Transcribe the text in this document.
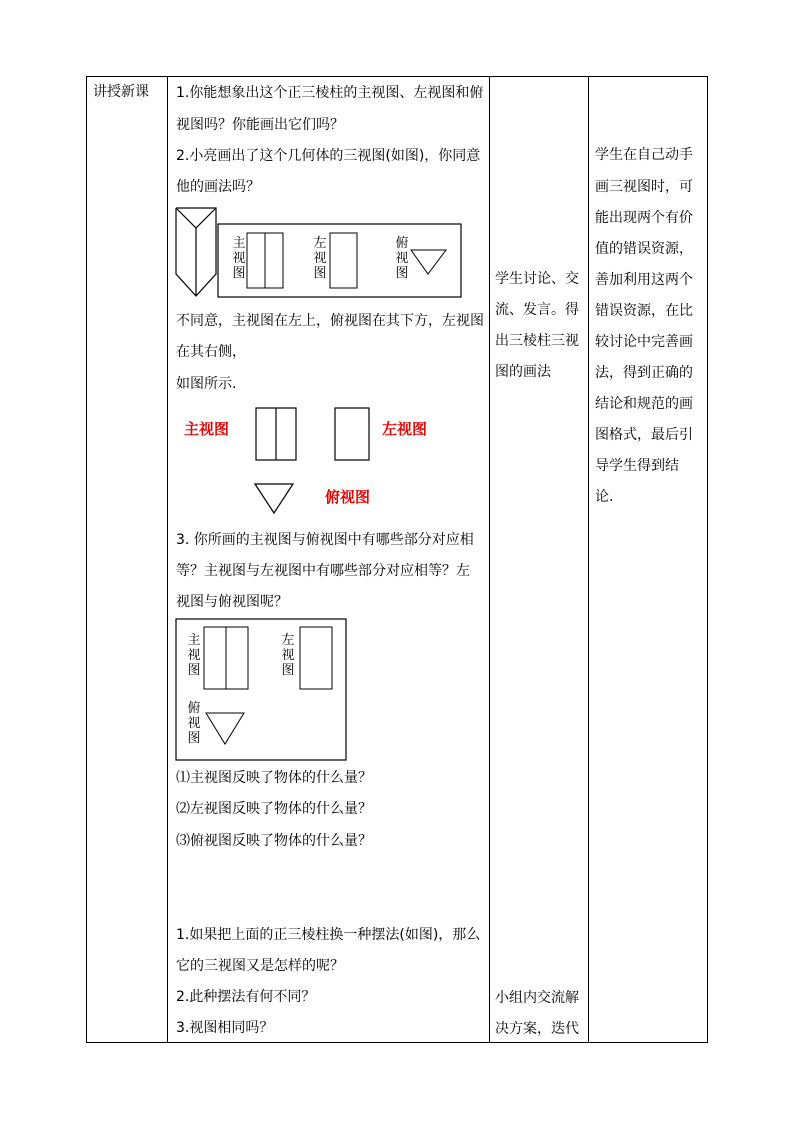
讲授新课 1.你能想象出这个正三棱柱的主视图、左视图和俯
视图吗？你能画出它们吗？
2.小亮画出了这个几何体的三视图(如图)，你同意
他的画法吗？
主
视
图
左
视
图
俯
视
图
不同意，主视图在左上，俯视图在其下方，左视图
在其右侧，
如图所示.
主视图	左视图
俯视图
3. 你所画的主视图与俯视图中有哪些部分对应相
等？主视图与左视图中有哪些部分对应相等？左
视图与俯视图呢？
主
视
图
左
视
图
俯
视
图
⑴主视图反映了物体的什么量？
⑵左视图反映了物体的什么量？
⑶俯视图反映了物体的什么量？
1.如果把上面的正三棱柱换一种摆法(如图)，那么
它的三视图又是怎样的呢？
2.此种摆法有何不同？
3.视图相同吗？
学生讨论、交
流、发言。得
出三棱柱三视
图的画法
小组内交流解
决方案，迭代
学生在自己动手
画三视图时，可
能出现两个有价
值的错误资源，
善加利用这两个
错误资源，在比
较讨论中完善画
法，得到正确的
结论和规范的画
图格式，最后引
导学生得到结
论.
